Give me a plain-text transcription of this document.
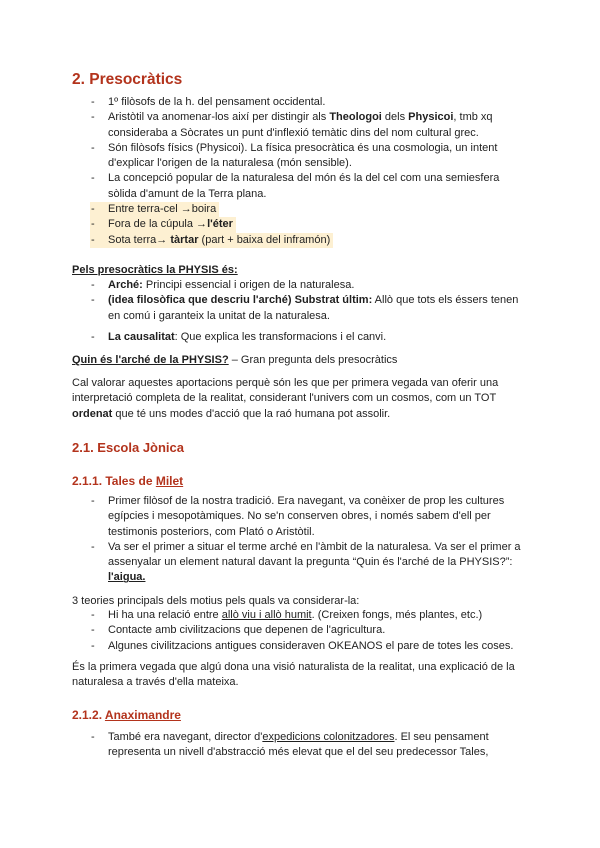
2. Presocràtics
- 1º filòsofs de la h. del pensament occidental.
- Aristòtil va anomenar-los així per distingir als Theologoi dels Physicoi, tmb xq consideraba a Sòcrates un punt d'inflexió temàtic dins del nom cultural grec.
- Són filòsofs físics (Physicoi). La física presocràtica és una cosmologia, un intent d'explicar l'origen de la naturalesa (món sensible).
- La concepció popular de la naturalesa del món és la del cel com una semiesfera sòlida d'amunt de la Terra plana.
- Entre terra-cel →boira
- Fora de la cúpula →l'éter
- Sota terra→ tàrtar (part + baixa del inframón)

Pels presocràtics la PHYSIS és:

- Arché: Principi essencial i origen de la naturalesa.
- (idea filosòfica que descriu l'arché) Substrat últim: Allò que tots els éssers tenen en comú i garanteix la unitat de la naturalesa.
- La causalitat: Que explica les transformacions i el canvi.

Quin és l'arché de la PHYSIS? – Gran pregunta dels presocràtics

Cal valorar aquestes aportacions perquè són les que per primera vegada van oferir una interpretació completa de la realitat, considerant l'univers com un cosmos, com un TOT ordenat que té uns modes d'acció que la raó humana pot assolir.

2.1. Escola Jònica
2.1.1. Tales de Milet
- Primer filòsof de la nostra tradició. Era navegant, va conèixer de prop les cultures egípcies i mesopotàmiques. No se'n conserven obres, i només sabem d'ell per testimonis posteriors, com Plató o Aristòtil.
- Va ser el primer a situar el terme arché en l'àmbit de la naturalesa. Va ser el primer a assenyalar un element natural davant la pregunta “Quin és l'arché de la PHYSIS?”: l'aigua.

3 teories principals dels motius pels quals va considerar-la:

- Hi ha una relació entre allò viu i allò humit. (Creixen fongs, més plantes, etc.)
- Contacte amb civilitzacions que depenen de l'agricultura.
- Algunes civilitzacions antigues consideraven OKEANOS el pare de totes les coses.

És la primera vegada que algú dona una visió naturalista de la realitat, una explicació de la naturalesa a través d'ella mateixa.

2.1.2. Anaximandre
- També era navegant, director d'expedicions colonitzadores. El seu pensament representa un nivell d'abstracció més elevat que el del seu predecessor Tales,
